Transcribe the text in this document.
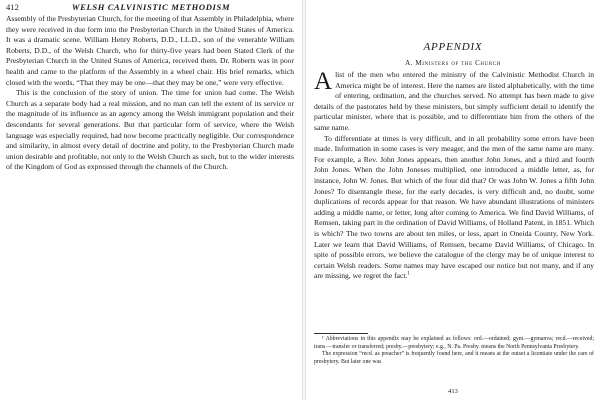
412	WELSH CALVINISTIC METHODISM

Assembly of the Presbyterian Church, for the meeting of that Assembly in Philadelphia, where they were received in due form into the Presbyterian Church in the United States of America. It was a dramatic scene. William Henry Roberts, D.D., LL.D., son of the venerable William Roberts, D.D., of the Welsh Church, who for thirty-five years had been Stated Clerk of the Presbyterian Church in the United States of America, received them. Dr. Roberts was in poor health and came to the platform of the Assembly in a wheel chair. His brief remarks, which closed with the words, “That they may be one—that they may be one,” were very effective.

This is the conclusion of the story of union. The time for union had come. The Welsh Church as a separate body had a real mission, and no man can tell the extent of its service or the magnitude of its influence as an agency among the Welsh immigrant population and their descendants for several generations. But that particular form of service, where the Welsh language was especially required, had now become practically negligible. Our correspondence and similarity, in almost every detail of doctrine and polity, to the Presbyterian Church made union desirable and profitable, not only to the Welsh Church as such, but to the wider interests of the Kingdom of God as expressed through the channels of the Church.

APPENDIX
A. Ministers of the Church

A list of the men who entered the ministry of the Calvinistic Methodist Church in America might be of interest. Here the names are listed alphabetically, with the time of entering, ordination, and the churches served. No attempt has been made to give details of the pastorates held by these ministers, but simply sufficient detail to identify the particular minister, where that is possible, and to differentiate him from the others of the same name.

To differentiate at times is very difficult, and in all probability some errors have been made. Information in some cases is very meager, and the men of the same name are many. For example, a Rev. John Jones appears, then another John Jones, and a third and fourth John Jones. When the John Joneses multiplied, one introduced a middle letter, as, for instance, John W. Jones. But which of the four did that? Or was John W. Jones a fifth John Jones? To disentangle these, for the early decades, is very difficult and, no doubt, some duplications of records appear for that reason. We have abundant illustrations of ministers adding a middle name, or letter, long after coming to America. We find David Williams, of Remsen, taking part in the ordination of David Williams, of Holland Patent, in 1851. Which is which? The two towns are about ten miles, or less, apart in Oneida County, New York. Later we learn that David Williams, of Remsen, became David Williams, of Chicago. In spite of possible errors, we believe the catalogue of the clergy may be of unique interest to certain Welsh readers. Some names may have escaped our notice but not many, and if any are missing, we regret the fact.$^1$

¹ Abbreviations in this appendix may be explained as follows: ord.—ordained; gym.—gymanva; recd.—received; trans.—transfer or transferred; presby.—presbytery; e.g., N. Pa. Presby. means the North Pennsylvania Presbytery.

The expression “recd. as preacher” is frequently found here, and it means at the outset a licentiate under the care of presbytery. But later one was

413
